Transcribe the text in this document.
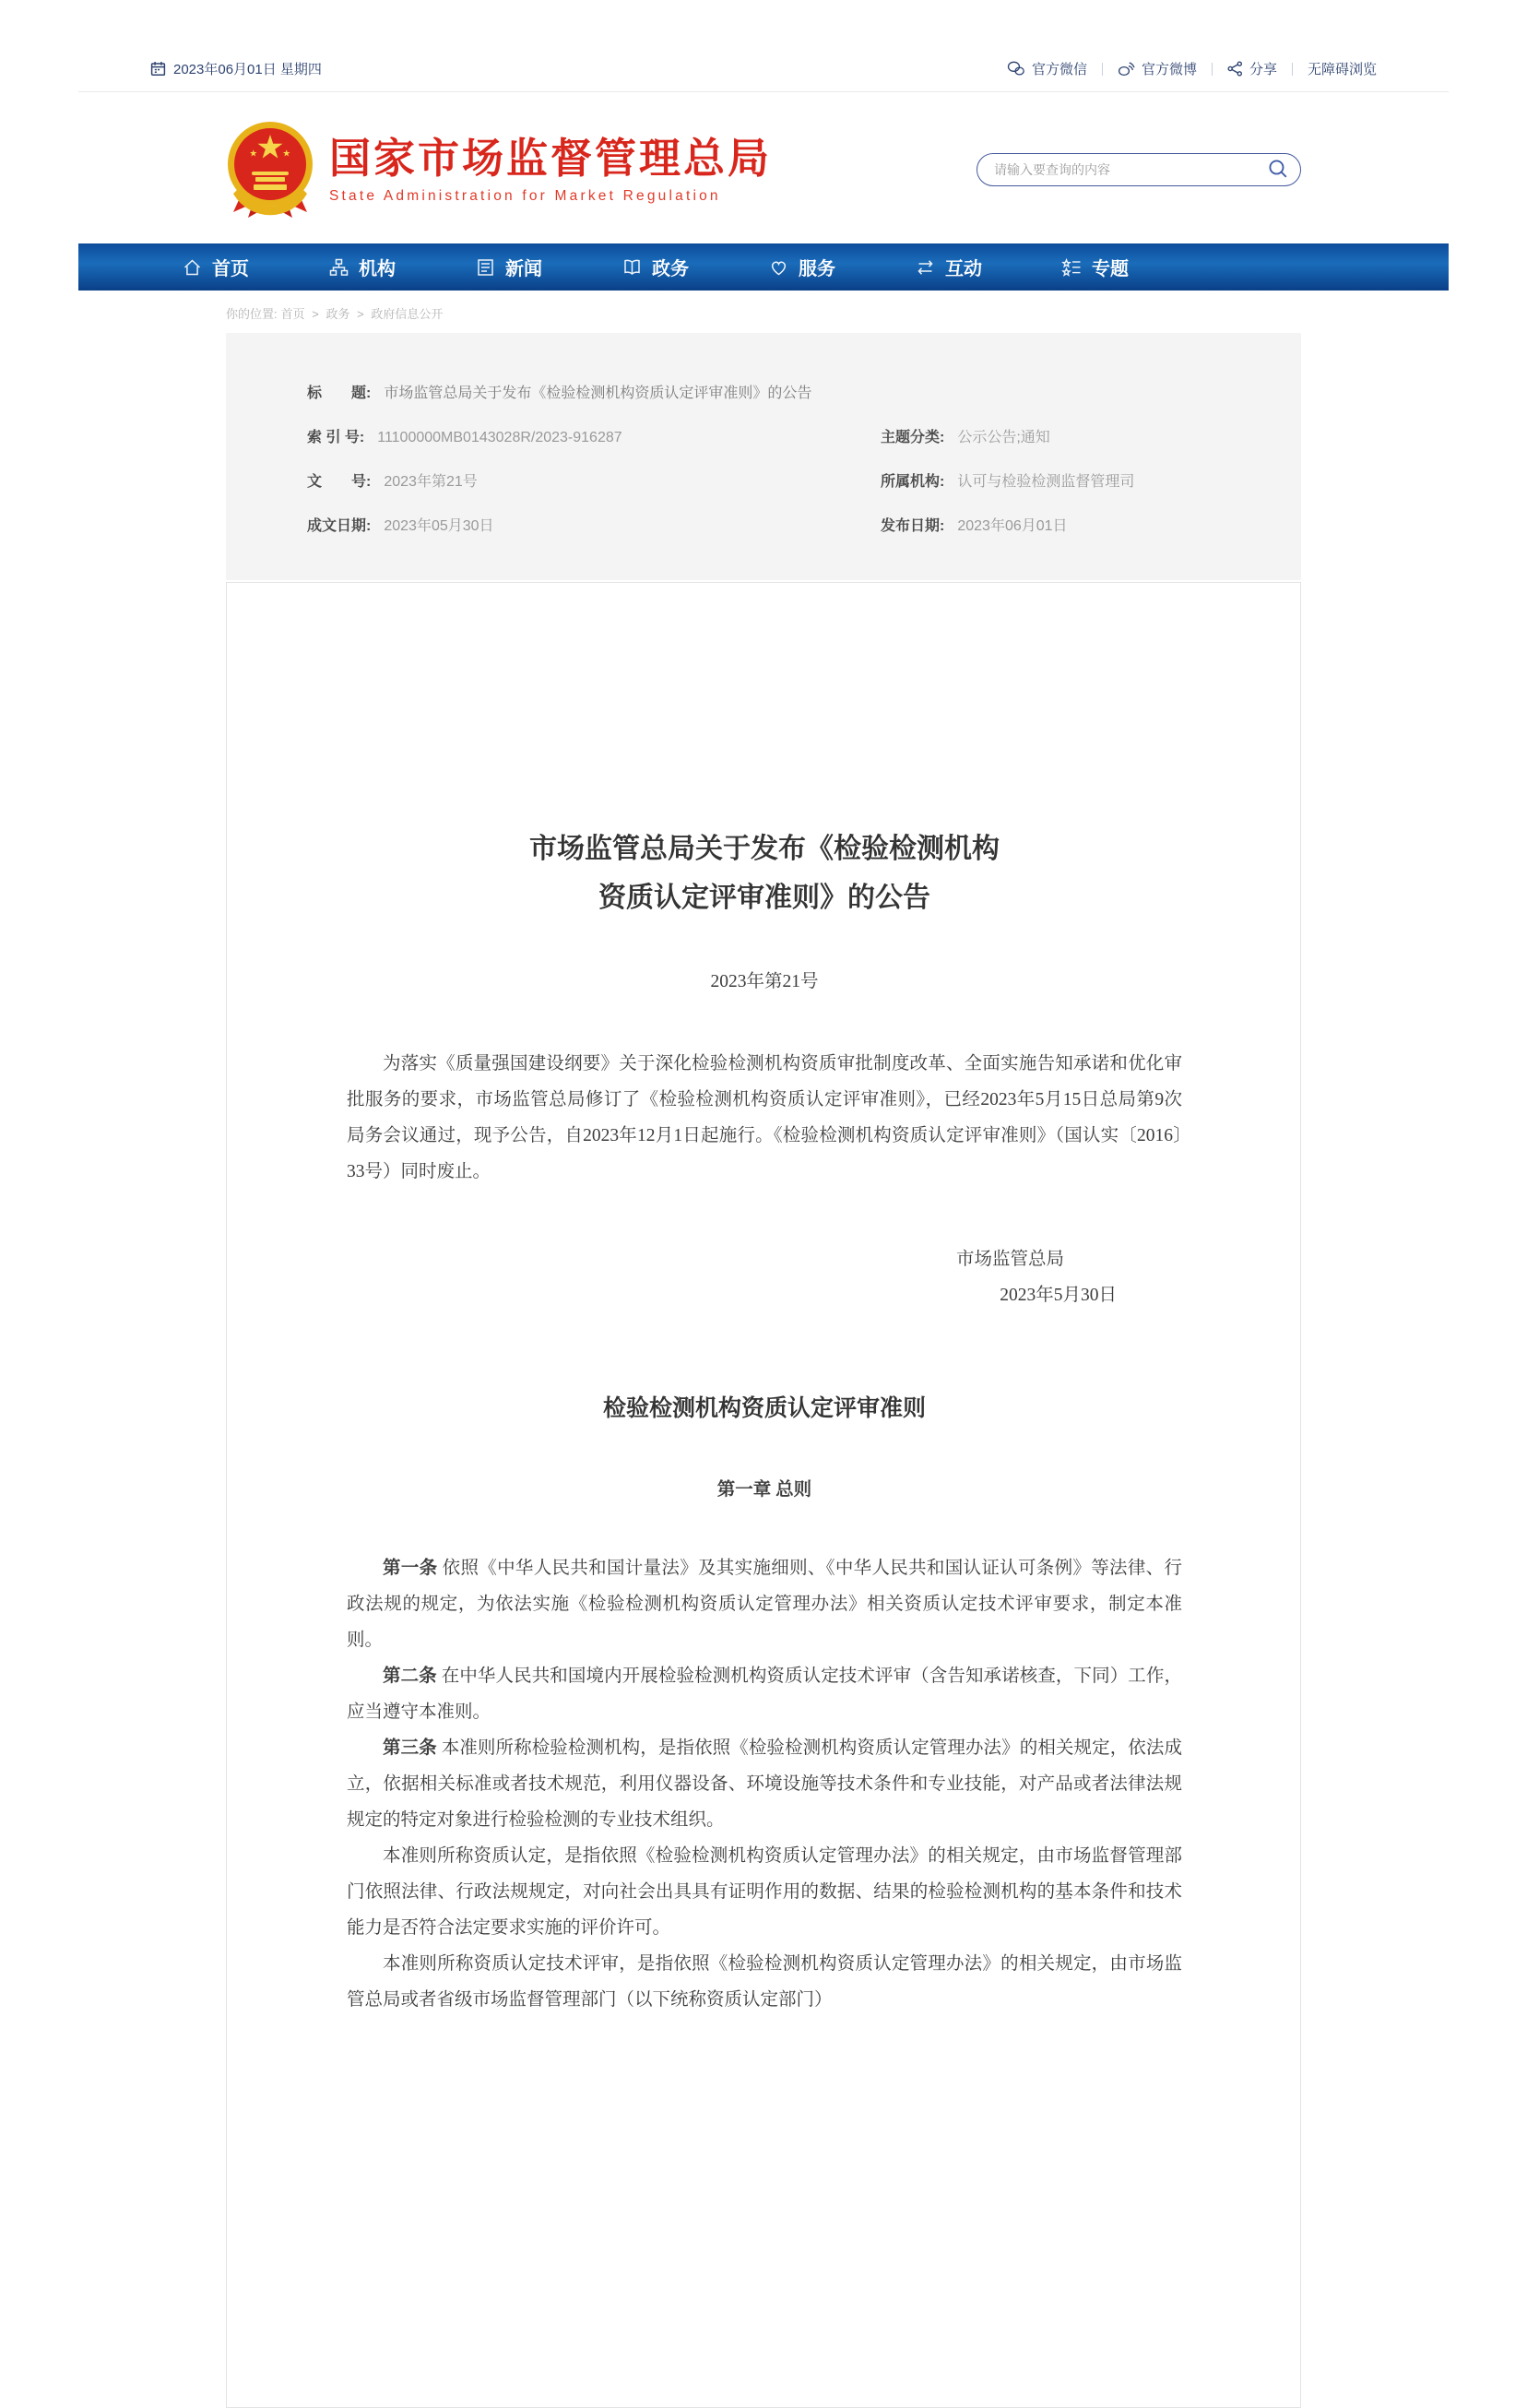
2023年06月01日 星期四	官方微信	官方微博	分享 无障碍浏览
国家市场监督管理总局
State Administration for Market Regulation
请输入要查询的内容
首页	机构	新闻	政务	服务	互动	专题
你的位置: 首页 > 政务 > 政府信息公开
标　　题: 市场监管总局关于发布《检验检测机构资质认定评审准则》的公告
索 引 号: 11100000MB0143028R/2023-916287	主题分类: 公示公告;通知
文　　号: 2023年第21号	所属机构: 认可与检验检测监督管理司
成文日期: 2023年05月30日	发布日期: 2023年06月01日
市场监管总局关于发布《检验检测机构
资质认定评审准则》的公告
2023年第21号

为落实《质量强国建设纲要》关于深化检验检测机构资质审批制度改革、全面实施告知承诺和优化审批服务的要求，市场监管总局修订了《检验检测机构资质认定评审准则》，已经2023年5月15日总局第9次局务会议通过，现予公告，自2023年12月1日起施行。《检验检测机构资质认定评审准则》（国认实〔2016〕33号）同时废止。

市场监管总局
2023年5月30日
检验检测机构资质认定评审准则
第一章 总则

第一条 依照《中华人民共和国计量法》及其实施细则、《中华人民共和国认证认可条例》等法律、行政法规的规定，为依法实施《检验检测机构资质认定管理办法》相关资质认定技术评审要求，制定本准则。

第二条 在中华人民共和国境内开展检验检测机构资质认定技术评审（含告知承诺核查，下同）工作，应当遵守本准则。

第三条 本准则所称检验检测机构，是指依照《检验检测机构资质认定管理办法》的相关规定，依法成立，依据相关标准或者技术规范，利用仪器设备、环境设施等技术条件和专业技能，对产品或者法律法规规定的特定对象进行检验检测的专业技术组织。

本准则所称资质认定，是指依照《检验检测机构资质认定管理办法》的相关规定，由市场监督管理部门依照法律、行政法规规定，对向社会出具具有证明作用的数据、结果的检验检测机构的基本条件和技术能力是否符合法定要求实施的评价许可。

本准则所称资质认定技术评审，是指依照《检验检测机构资质认定管理办法》的相关规定，由市场监管总局或者省级市场监督管理部门（以下统称资质认定部门）
